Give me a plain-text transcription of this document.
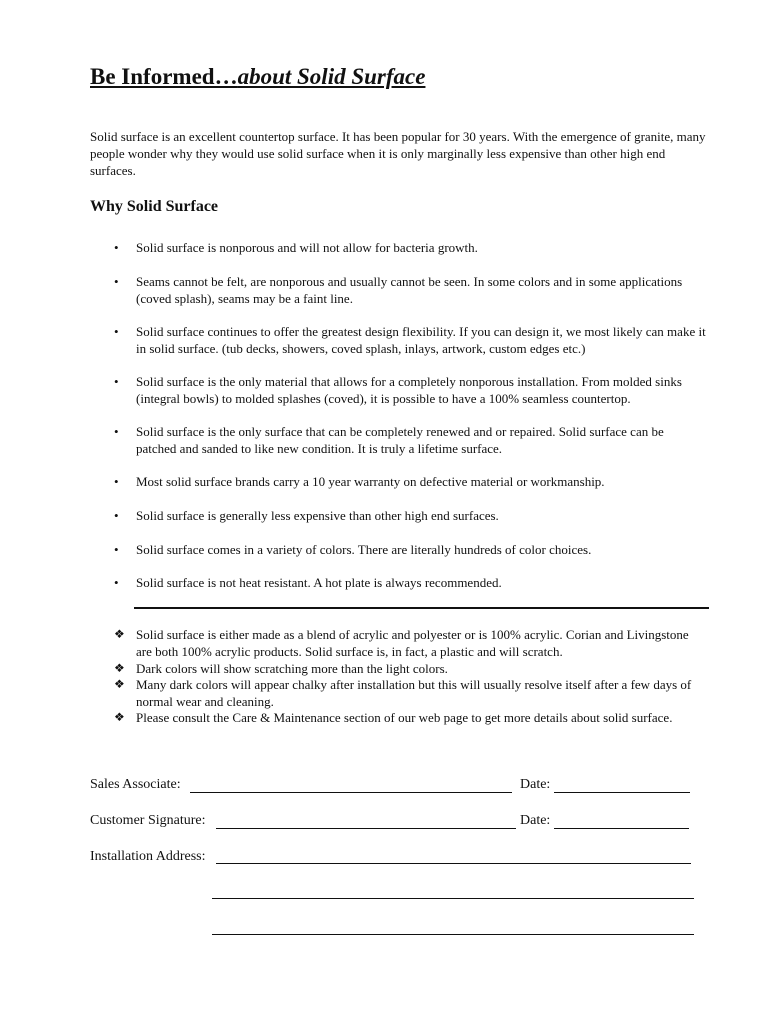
Be Informed…about Solid Surface

Solid surface is an excellent countertop surface. It has been popular for 30 years. With the emergence of granite, many people wonder why they would use solid surface when it is only marginally less expensive than other high end surfaces.

Why Solid Surface
•	Solid surface is nonporous and will not allow for bacteria growth.
•	Seams cannot be felt, are nonporous and usually cannot be seen. In some colors and in some applications (coved splash), seams may be a faint line.
•	Solid surface continues to offer the greatest design flexibility. If you can design it, we most likely can make it in solid surface. (tub decks, showers, coved splash, inlays, artwork, custom edges etc.)
•	Solid surface is the only material that allows for a completely nonporous installation. From molded sinks (integral bowls) to molded splashes (coved), it is possible to have a 100% seamless countertop.
•	Solid surface is the only surface that can be completely renewed and or repaired. Solid surface can be patched and sanded to like new condition. It is truly a lifetime surface.
•	Most solid surface brands carry a 10 year warranty on defective material or workmanship.
•	Solid surface is generally less expensive than other high end surfaces.
•	Solid surface comes in a variety of colors. There are literally hundreds of color choices.
•	Solid surface is not heat resistant. A hot plate is always recommended.
❖ Solid surface is either made as a blend of acrylic and polyester or is 100% acrylic. Corian and Livingstone are both 100% acrylic products. Solid surface is, in fact, a plastic and will scratch.
❖ Dark colors will show scratching more than the light colors.
❖ Many dark colors will appear chalky after installation but this will usually resolve itself after a few days of normal wear and cleaning.
❖ Please consult the Care & Maintenance section of our web page to get more details about solid surface.
Sales Associate:	Date:
Customer Signature:	Date:
Installation Address:
